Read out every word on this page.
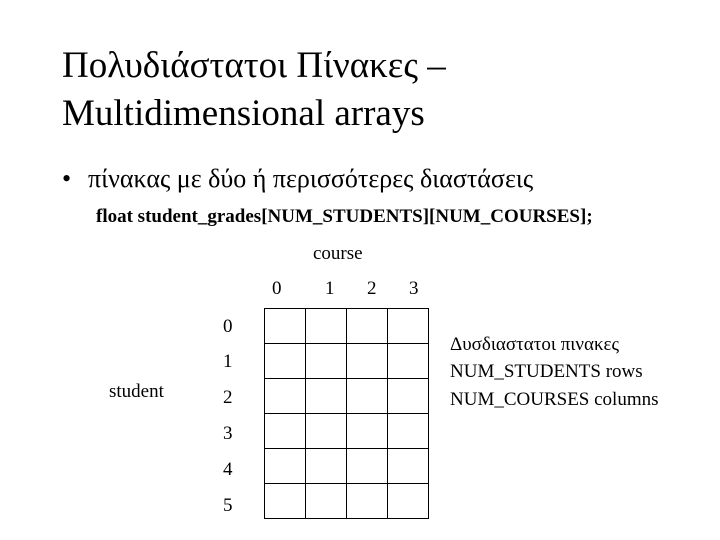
Πολυδιάστατοι Πίνακες –
Multidimensional arrays
• πίνακας με δύο ή περισσότερες διαστάσεις
float student_grades[NUM_STUDENTS][NUM_COURSES];
course
student
0 1 2 3
0
1
2
3
4
5

Δυσδιαστατοι πινακες
NUM_STUDENTS rows
NUM_COURSES columns
